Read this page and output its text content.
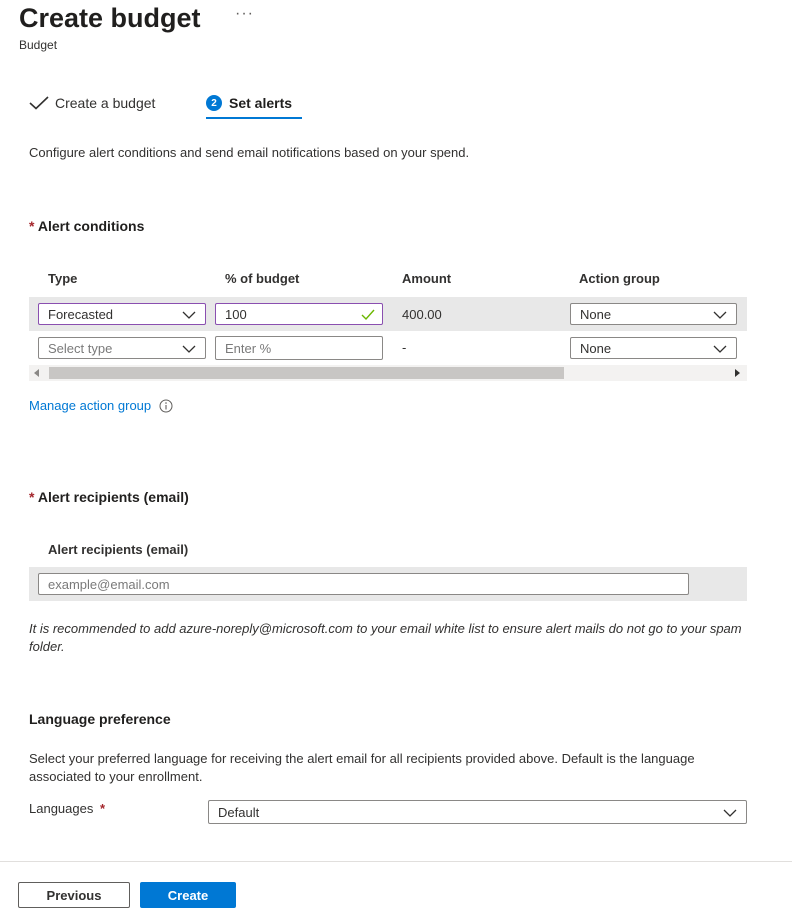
Create budget ···
Budget
Create a budget	2 Set alerts
Configure alert conditions and send email notifications based on your spend.
* Alert conditions
Type	% of budget	Amount	Action group
Forecasted	100	400.00	None
Select type	Enter %	-	None
Manage action group
* Alert recipients (email)
Alert recipients (email)
example@email.com
It is recommended to add azure-noreply@microsoft.com to your email white list to ensure alert mails do not go to your spam folder.
Language preference
Select your preferred language for receiving the alert email for all recipients provided above. Default is the language associated to your enrollment.
Languages *	Default
Previous	Create
